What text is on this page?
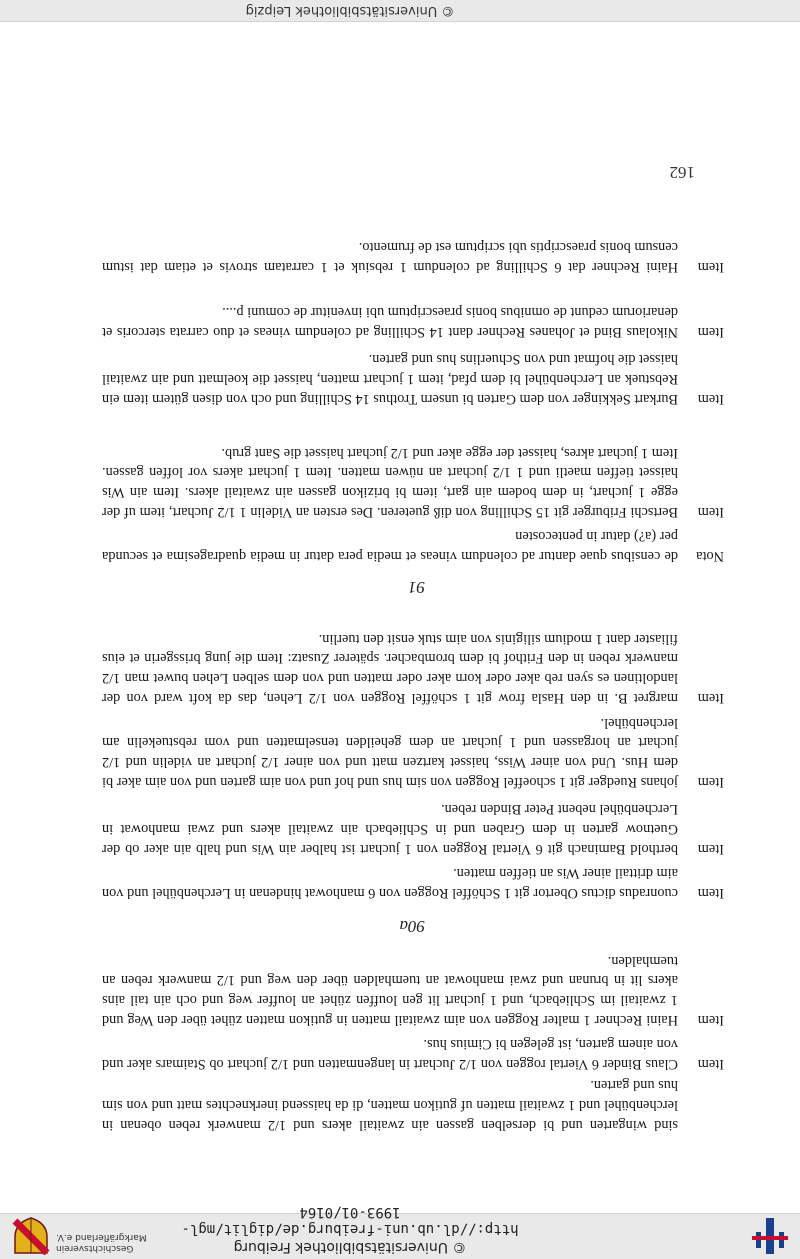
© Universitätsbibliothek Freiburg
http://dl.ub.uni-freiburg.de/diglit/mgl-1993-01/0164
Geschichtsverein
Markgräflerland e.V.
© Universitätsbibliothek Leipzig
sind wingarten und bi derselben gassen ain zwaitail akers und 1/2 manwerk reben obenan in lerchenbühel und 1 zwaitail matten uf gutikon matten, di da haissend inerknechtes matt und von sim hus und garten.
Item
Claus Binder 6 Viertal roggen von 1/2 Juchart in langenmatten und 1/2 juchart ob Staimars aker und von ainem garten, ist gelegen bi Cimius hus.
Item
Haini Rechner 1 malter Roggen von aim zwaitail matten in gutikon matten zühet über den Weg und 1 zwaitail im Schliebach, und 1 juchart lit gen louffen zühet an louffer weg und och ain tail ains akers lit in brunan und zwai manhowat an tuemhalden über den weg und 1/2 manwerk reben an tuemhalden.
90a
Item
cuonradus dictus Obertor git 1 Schöffel Roggen von 6 manhowat hindenan in Lerchenbühel und von aim drittail ainer Wis an tieffen matten.
Item
berthold Baminach git 6 Viertal Roggen von 1 juchart ist halber ain Wis und halb ain aker ob der Guetnow garten in dem Graben und in Schliebach ain zwaitail akers und zwai manhowat in Lerchenbühel nebent Peter Binden reben.
Item
johans Ruedger git 1 schoeffel Roggen von sim hus und hof und von aim garten und von aim aker bi dem Hus. Und von ainer Wiss, haisset kartzen matt und von ainer 1/2 juchart an videlin und 1/2 juchart an horgassen und 1 juchart an dem geheilden tenselmatten und vom rebstuekelin am lerchenbühel.
Item
margret B. in den Hasla frow git 1 schöffel Roggen von 1/2 Lehen, das da koft ward von der landoltinen es syen reb aker oder korn aker oder matten und von dem selben Lehen buwet man 1/2 manwerk reben in den Frithof bi dem brombacher. späterer Zusatz: Item die jung brissgerin et eius filiaster dant 1 modium siliginis von aim stuk ensit den tuerlin.
91
Nota
de censibus quae dantur ad colendum vineas et media pera datur in media quadragesima et secunda per (a?) datur in pentecosten
Item
Bertschi Friburger git 15 Schilling von diß gueteren. Des ersten an Videlin 1 1/2 Juchart, item uf der egge 1 juchart, in dem bodem ain gart, item bi brizikon gassen ain zwaitail akers. Item ain Wis haisset tieffen maetli und 1 1/2 juchart an nüwen matten. Item 1 juchart akers vor loffen gassen. Item 1 juchart akres, haisset der egge aker und 1/2 juchart haisset die Sant grub.
Item
Burkart Sekkinger von dem Garten bi unsern Trothus 14 Schilling und och von disen gütern item ein Rebstuek an Lerchenbühel bi dem pfad, item 1 juchart matten, haisset die koelmatt und ain zwaitail haisset die hofmat und von Schuerlins hus und garten.
Item
Nikolaus Bind et Johanes Rechner dant 14 Schilling ad colendum vineas et duo carrata stercoris et denariorum cedunt de omnibus bonis praescriptum ubi invenitur de comuni p....
Item
Haini Rechner dat 6 Schilling ad colendum 1 rebsiuk et 1 carratam strovis et etiam dat istum censum bonis praescriptis ubi scriptum est de frumento.
162
